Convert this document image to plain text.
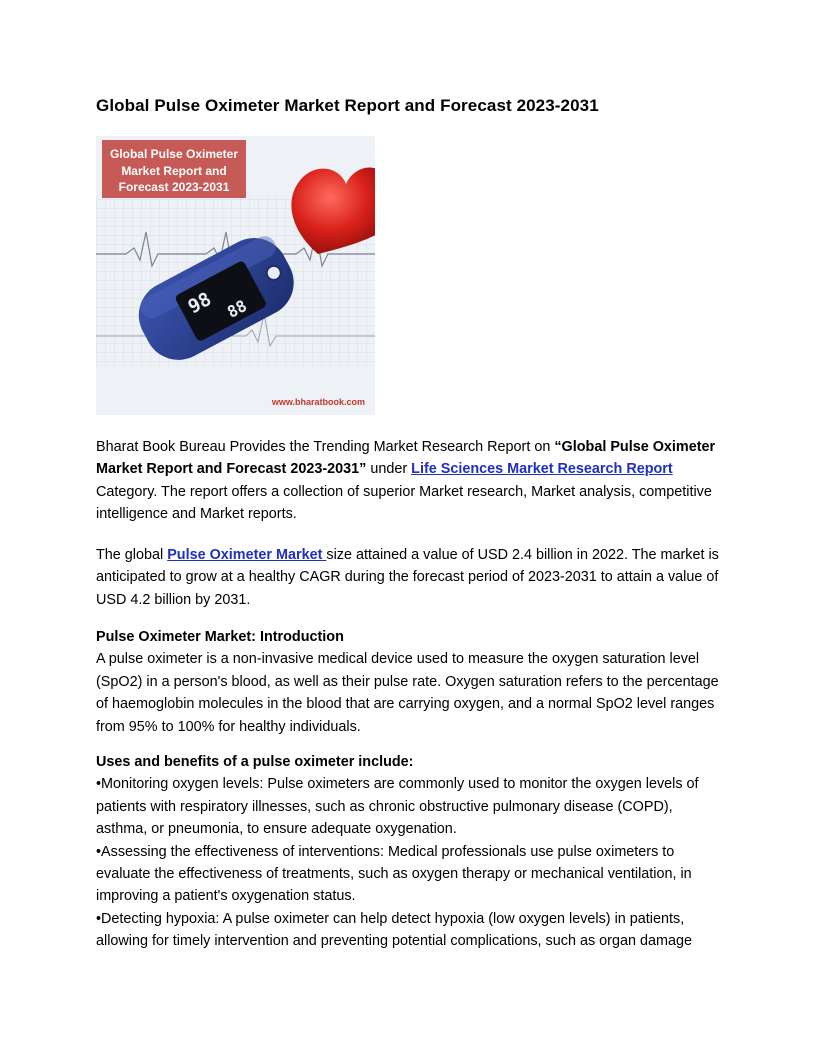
Global Pulse Oximeter Market Report and Forecast 2023-2031
98 88
Global Pulse Oximeter
Market Report and
Forecast 2023-2031
www.bharatbook.com

Bharat Book Bureau Provides the Trending Market Research Report on “Global Pulse Oximeter Market Report and Forecast 2023-2031” under Life Sciences Market Research Report Category. The report offers a collection of superior Market research, Market analysis, competitive intelligence and Market reports.

The global Pulse Oximeter Market size attained a value of USD 2.4 billion in 2022. The market is anticipated to grow at a healthy CAGR during the forecast period of 2023-2031 to attain a value of USD 4.2 billion by 2031.

Pulse Oximeter Market: Introduction
A pulse oximeter is a non-invasive medical device used to measure the oxygen saturation level (SpO2) in a person's blood, as well as their pulse rate. Oxygen saturation refers to the percentage of haemoglobin molecules in the blood that are carrying oxygen, and a normal SpO2 level ranges from 95% to 100% for healthy individuals.
Uses and benefits of a pulse oximeter include:
•Monitoring oxygen levels: Pulse oximeters are commonly used to monitor the oxygen levels of patients with respiratory illnesses, such as chronic obstructive pulmonary disease (COPD), asthma, or pneumonia, to ensure adequate oxygenation.
•Assessing the effectiveness of interventions: Medical professionals use pulse oximeters to evaluate the effectiveness of treatments, such as oxygen therapy or mechanical ventilation, in improving a patient's oxygenation status.
•Detecting hypoxia: A pulse oximeter can help detect hypoxia (low oxygen levels) in patients, allowing for timely intervention and preventing potential complications, such as organ damage
